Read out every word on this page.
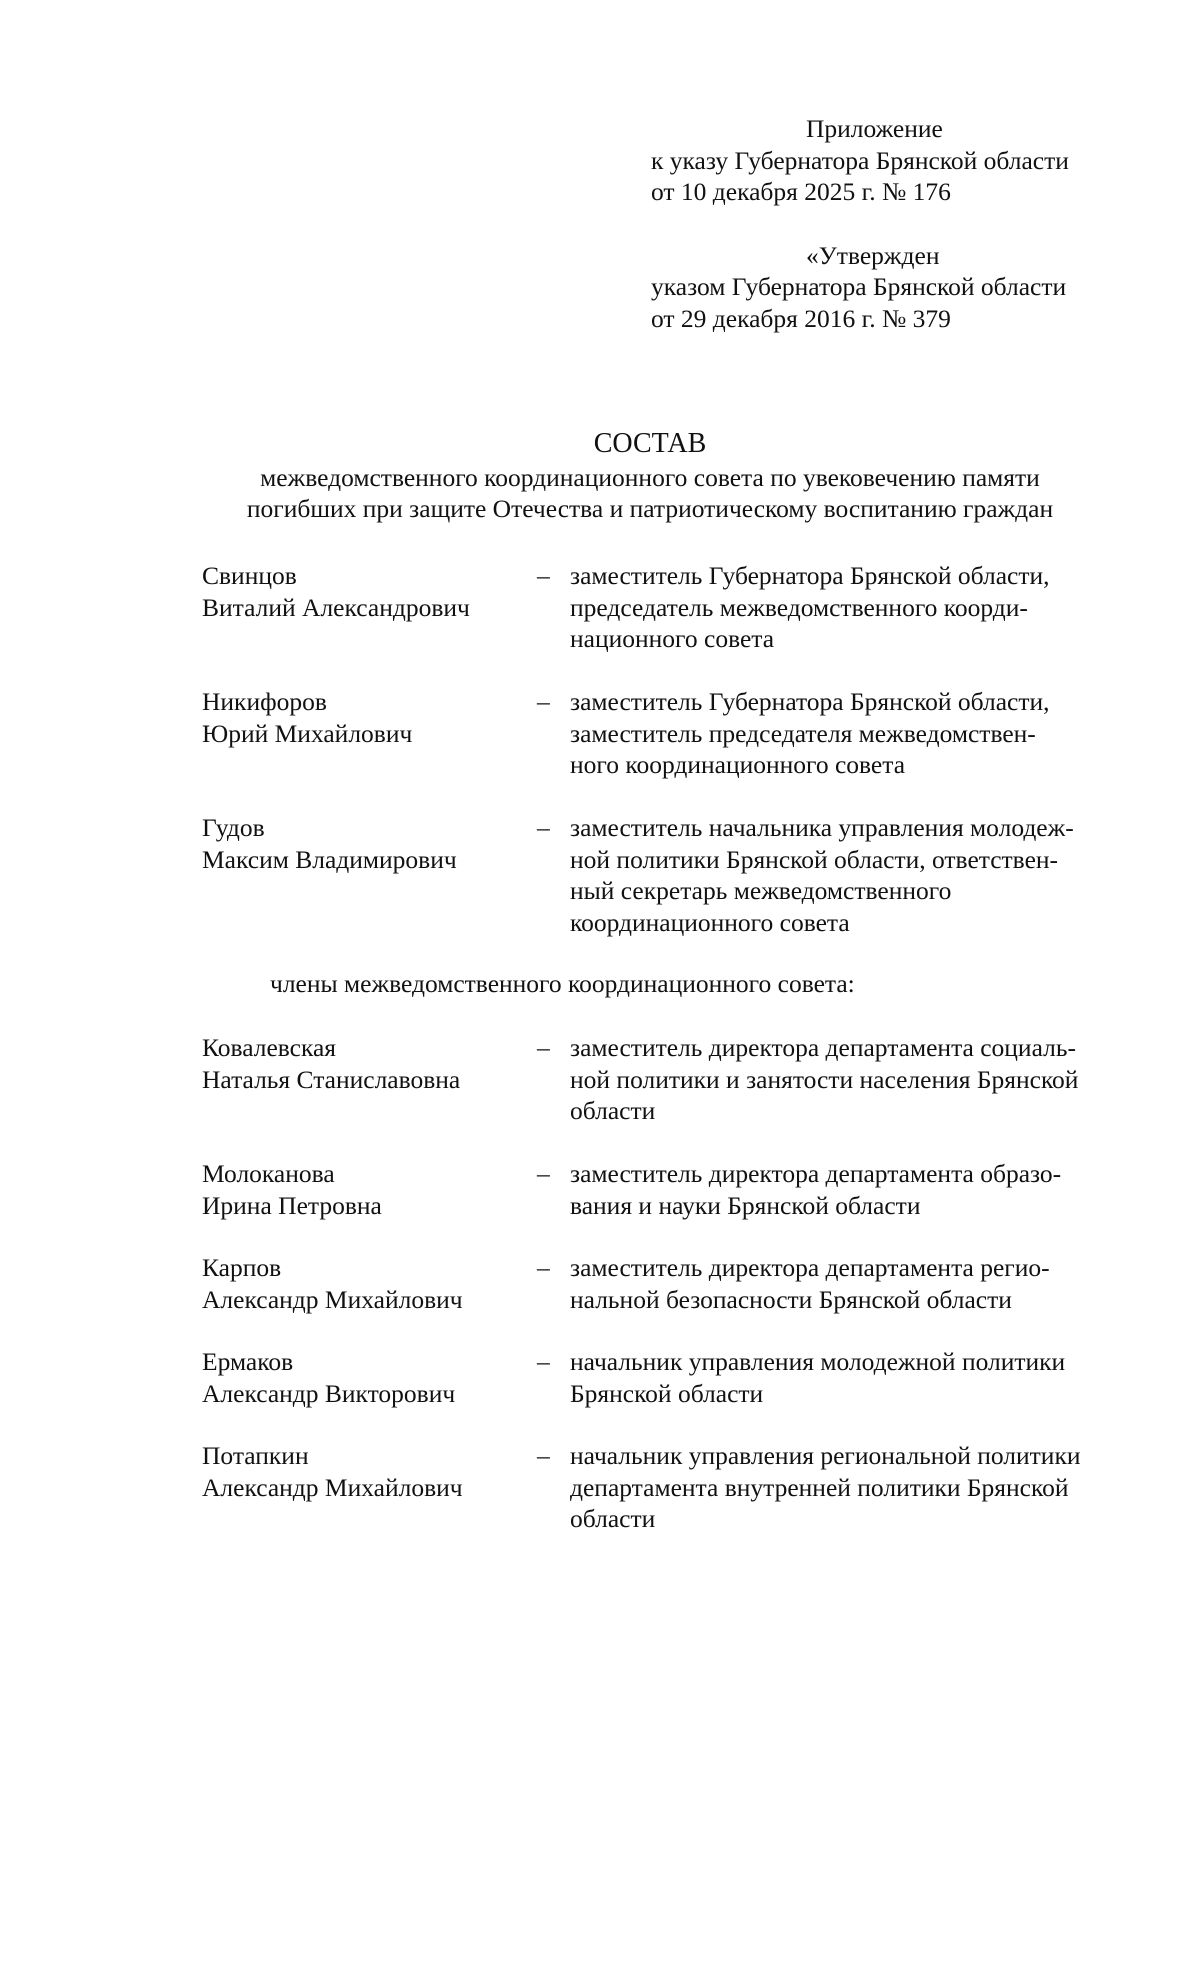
Приложение
к указу Губернатора Брянской области
от 10 декабря 2025 г. № 176
«Утвержден
указом Губернатора Брянской области
от 29 декабря 2016 г. № 379
СОСТАВ
межведомственного координационного совета по увековечению памяти
погибших при защите Отечества и патриотическому воспитанию граждан
Свинцов
Виталий Александрович
– заместитель Губернатора Брянской области,
председатель межведомственного коорди-
национного совета
Никифоров
Юрий Михайлович
– заместитель Губернатора Брянской области,
заместитель председателя межведомствен-
ного координационного совета
Гудов
Максим Владимирович
– заместитель начальника управления молодеж-
ной политики Брянской области, ответствен-
ный секретарь межведомственного
координационного совета
члены межведомственного координационного совета:
Ковалевская
Наталья Станиславовна
– заместитель директора департамента социаль-
ной политики и занятости населения Брянской
области
Молоканова
Ирина Петровна
– заместитель директора департамента образо-
вания и науки Брянской области
Карпов
Александр Михайлович
– заместитель директора департамента регио-
нальной безопасности Брянской области
Ермаков
Александр Викторович
– начальник управления молодежной политики
Брянской области
Потапкин
Александр Михайлович
– начальник управления региональной политики
департамента внутренней политики Брянской
области
